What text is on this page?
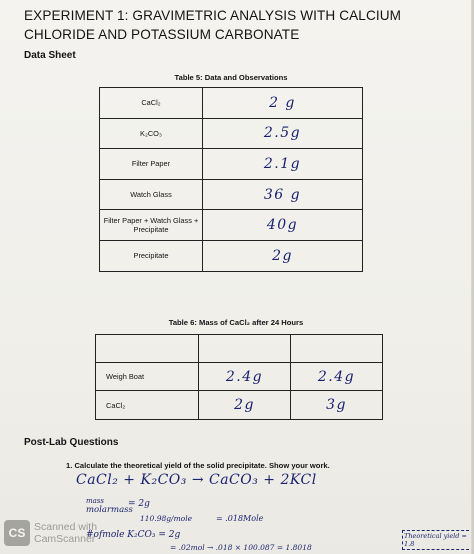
EXPERIMENT 1: GRAVIMETRIC ANALYSIS WITH CALCIUM CHLORIDE AND POTASSIUM CARBONATE
Data Sheet
Table 5: Data and Observations
CaCl₂	2 g
K₂CO₃	2.5g
Filter Paper	2.1g
Watch Glass	36 g
Filter Paper + Watch Glass + Precipitate	40g
Precipitate	2g
Table 6: Mass of CaCl₂ after 24 Hours

Weigh Boat	2.4g	2.4g
CaCl₂	2g	3g
Post-Lab Questions
1. Calculate the theoretical yield of the solid precipitate. Show your work.
CaCl₂ + K₂CO₃ → CaCO₃ + 2KCl
mass
molarmass
= 2g
110.98g/mole	= .018Mole
#ofmole K₂CO₃ = 2g
= .02mol → .018 × 100.087 = 1.8018
Theoretical yield = 1.8
CS Scanned with
CamScanner
